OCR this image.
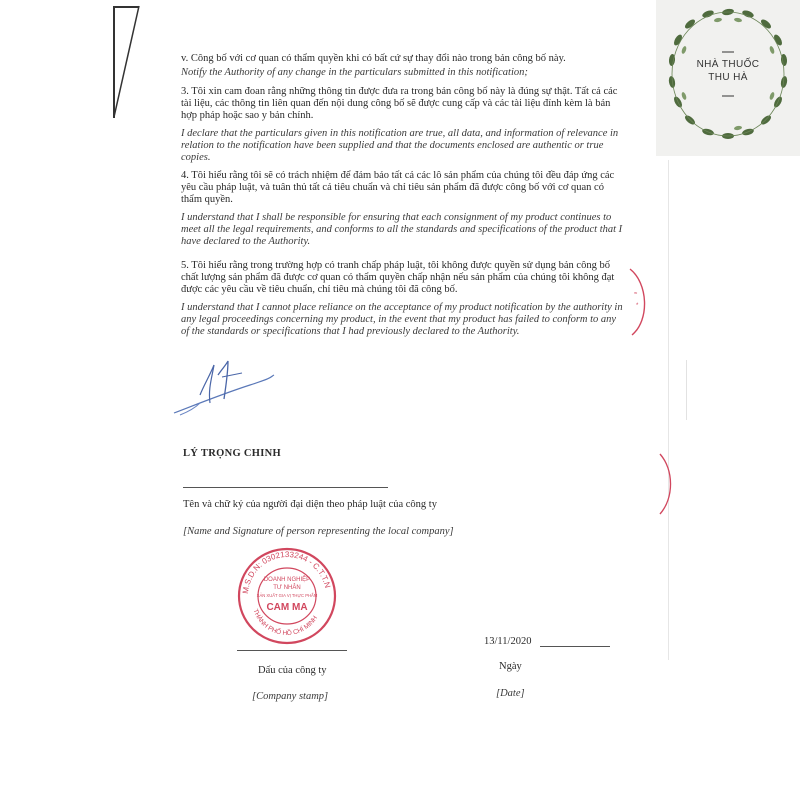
v. Công bố với cơ quan có thẩm quyền khi có bất cứ sự thay đổi nào trong bản công bố này.
Notify the Authority of any change in the particulars submitted in this notification;
3. Tôi xin cam đoan rằng những thông tin được đưa ra trong bản công bố này là đúng sự thật. Tất cả các tài liệu, các thông tin liên quan đến nội dung công bố sẽ được cung cấp và các tài liệu đính kèm là bản hợp pháp hoặc sao y bản chính.
I declare that the particulars given in this notification are true, all data, and information of relevance in relation to the notification have been supplied and that the documents enclosed are authentic or true copies.
4. Tôi hiểu rằng tôi sẽ có trách nhiệm để đảm bảo tất cả các lô sản phẩm của chúng tôi đều đáp ứng các yêu cầu pháp luật, và tuân thủ tất cả tiêu chuẩn và chỉ tiêu sản phẩm đã được công bố với cơ quan có thẩm quyền.
I understand that I shall be responsible for ensuring that each consignment of my product continues to meet all the legal requirements, and conforms to all the standards and specifications of the product that I have declared to the Authority.
5. Tôi hiểu rằng trong trường hợp có tranh chấp pháp luật, tôi không được quyền sử dụng bản công bố chất lượng sản phẩm đã được cơ quan có thẩm quyền chấp nhận nếu sản phẩm của chúng tôi không đạt được các yêu cầu về tiêu chuẩn, chỉ tiêu mà chúng tôi đã công bố.
I understand that I cannot place reliance on the acceptance of my product notification by the authority in any legal proceedings concerning my product, in the event that my product has failed to conform to any of the standards or specifications that I had previously declared to the Authority.
LÝ TRỌNG CHINH
Tên và chữ ký của người đại diện theo pháp luật của công ty
[Name and Signature of person representing the local company]
≈
*
M.S.D.N: 0302133244 - C.T.T.N
THÀNH PHỐ HỒ CHÍ MINH
DOANH NGHIỆP
TƯ NHÂN
SẢN XUẤT GIA VỊ THỰC PHẨM
CAM MA
13/11/2020
Dấu của công ty	Ngày
[Company stamp]	[Date]
NHÀ THUỐC
THU HÀ
